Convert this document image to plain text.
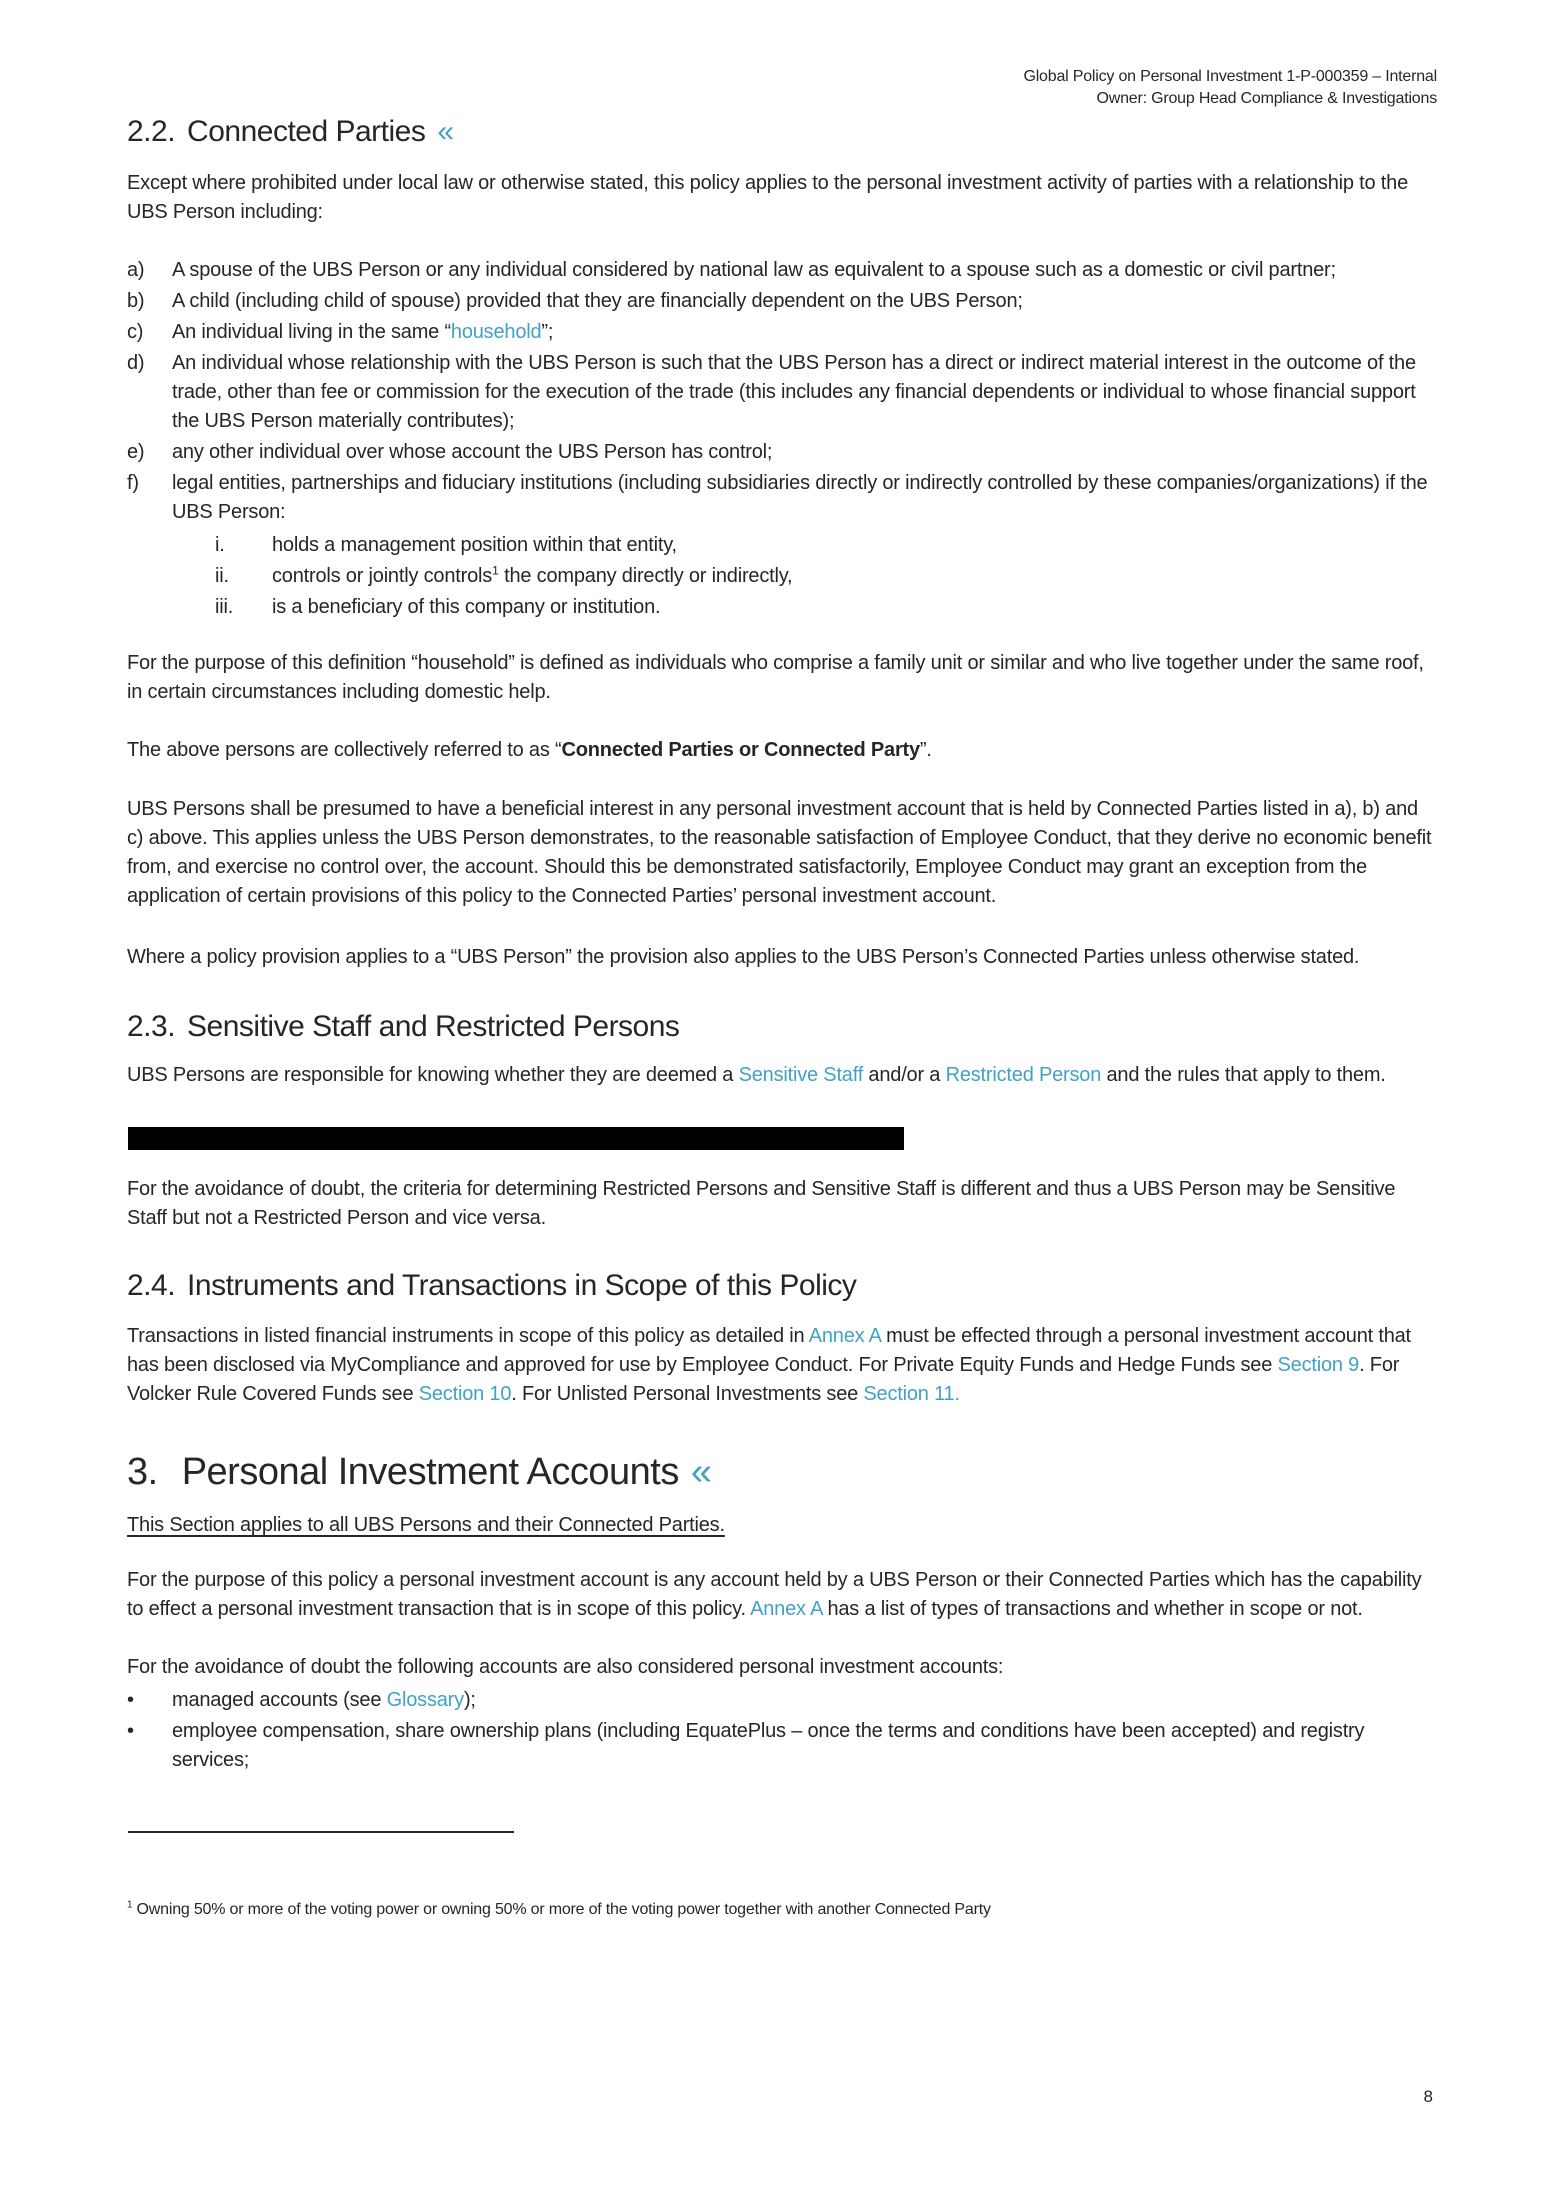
Global Policy on Personal Investment 1-P-000359 – Internal
Owner: Group Head Compliance & Investigations
2.2. Connected Parties «

Except where prohibited under local law or otherwise stated, this policy applies to the personal investment activity of parties with a relationship to the UBS Person including:

a)	A spouse of the UBS Person or any individual considered by national law as equivalent to a spouse such as a domestic or civil partner;
b)	A child (including child of spouse) provided that they are financially dependent on the UBS Person;
c)	An individual living in the same “household”;
d)	An individual whose relationship with the UBS Person is such that the UBS Person has a direct or indirect material interest in the outcome of the trade, other than fee or commission for the execution of the trade (this includes any financial dependents or individual to whose financial support the UBS Person materially contributes);
e)	any other individual over whose account the UBS Person has control;
f)	legal entities, partnerships and fiduciary institutions (including subsidiaries directly or indirectly controlled by these companies/organizations) if the UBS Person:
i.	holds a management position within that entity,
ii.	controls or jointly controls$^1$ the company directly or indirectly,
iii.	is a beneficiary of this company or institution.

For the purpose of this definition “household” is defined as individuals who comprise a family unit or similar and who live together under the same roof, in certain circumstances including domestic help.

The above persons are collectively referred to as “Connected Parties or Connected Party”.

UBS Persons shall be presumed to have a beneficial interest in any personal investment account that is held by Connected Parties listed in a), b) and c) above. This applies unless the UBS Person demonstrates, to the reasonable satisfaction of Employee Conduct, that they derive no economic benefit from, and exercise no control over, the account. Should this be demonstrated satisfactorily, Employee Conduct may grant an exception from the application of certain provisions of this policy to the Connected Parties’ personal investment account.

Where a policy provision applies to a “UBS Person” the provision also applies to the UBS Person’s Connected Parties unless otherwise stated.

2.3. Sensitive Staff and Restricted Persons

UBS Persons are responsible for knowing whether they are deemed a Sensitive Staff and/or a Restricted Person and the rules that apply to them.

For the avoidance of doubt, the criteria for determining Restricted Persons and Sensitive Staff is different and thus a UBS Person may be Sensitive Staff but not a Restricted Person and vice versa.

2.4. Instruments and Transactions in Scope of this Policy

Transactions in listed financial instruments in scope of this policy as detailed in Annex A must be effected through a personal investment account that has been disclosed via MyCompliance and approved for use by Employee Conduct. For Private Equity Funds and Hedge Funds see Section 9. For Volcker Rule Covered Funds see Section 10. For Unlisted Personal Investments see Section 11.

3. Personal Investment Accounts «

This Section applies to all UBS Persons and their Connected Parties.

For the purpose of this policy a personal investment account is any account held by a UBS Person or their Connected Parties which has the capability to effect a personal investment transaction that is in scope of this policy. Annex A has a list of types of transactions and whether in scope or not.

For the avoidance of doubt the following accounts are also considered personal investment accounts:

•	managed accounts (see Glossary);
•	employee compensation, share ownership plans (including EquatePlus – once the terms and conditions have been accepted) and registry services;

$^1$ Owning 50% or more of the voting power or owning 50% or more of the voting power together with another Connected Party

8
